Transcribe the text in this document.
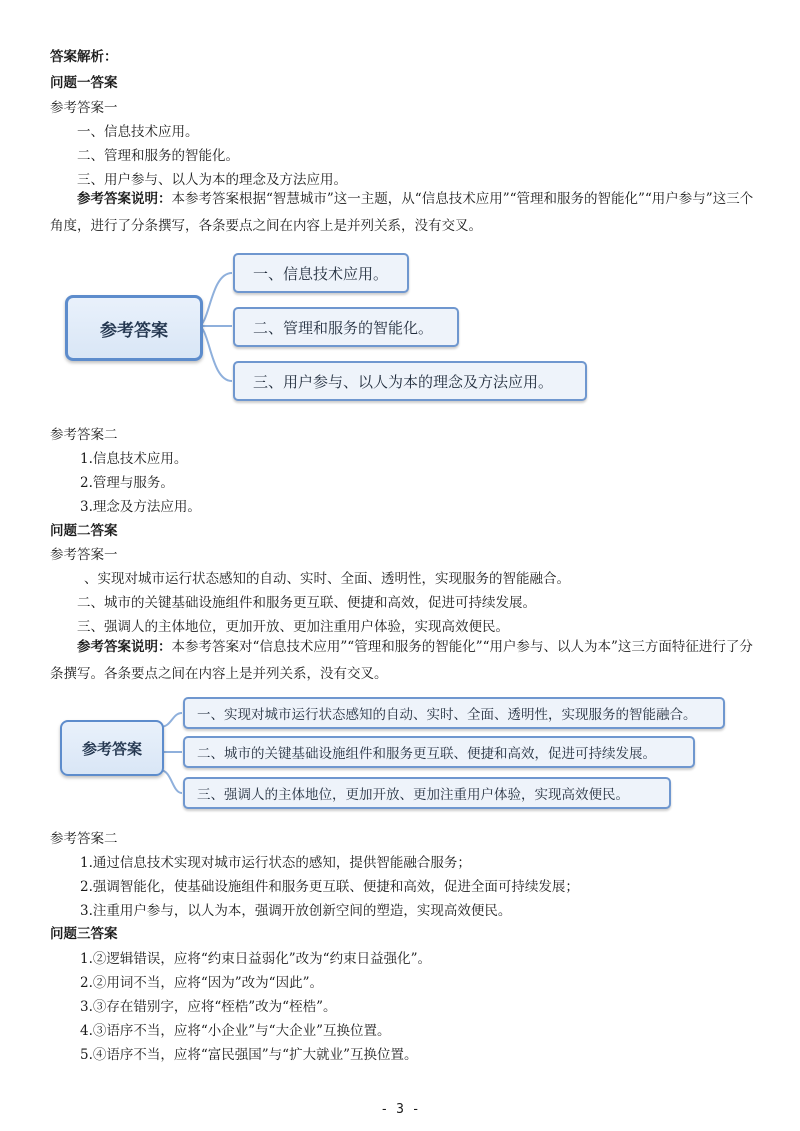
答案解析：
问题一答案
参考答案一
一、信息技术应用。
二、管理和服务的智能化。
三、用户参与、以人为本的理念及方法应用。
参考答案说明：本参考答案根据“智慧城市”这一主题，从“信息技术应用”“管理和服务的智能化”“用户参与”这三个角度，进行了分条撰写，各条要点之间在内容上是并列关系，没有交叉。
参考答案
一、信息技术应用。
二、管理和服务的智能化。
三、用户参与、以人为本的理念及方法应用。
参考答案二
1.信息技术应用。
2.管理与服务。
3.理念及方法应用。
问题二答案
参考答案一
、实现对城市运行状态感知的自动、实时、全面、透明性，实现服务的智能融合。
二、城市的关键基础设施组件和服务更互联、便捷和高效，促进可持续发展。
三、强调人的主体地位，更加开放、更加注重用户体验，实现高效便民。
参考答案说明：本参考答案对“信息技术应用”“管理和服务的智能化”“用户参与、以人为本”这三方面特征进行了分条撰写。各条要点之间在内容上是并列关系，没有交叉。
参考答案
一、实现对城市运行状态感知的自动、实时、全面、透明性，实现服务的智能融合。
二、城市的关键基础设施组件和服务更互联、便捷和高效，促进可持续发展。
三、强调人的主体地位，更加开放、更加注重用户体验，实现高效便民。
参考答案二
1.通过信息技术实现对城市运行状态的感知，提供智能融合服务；
2.强调智能化，使基础设施组件和服务更互联、便捷和高效，促进全面可持续发展；
3.注重用户参与，以人为本，强调开放创新空间的塑造，实现高效便民。
问题三答案
1.②逻辑错误，应将“约束日益弱化”改为“约束日益强化”。
2.②用词不当，应将“因为”改为“因此”。
3.③存在错别字，应将“桎梏”改为“桎梏”。
4.③语序不当，应将“小企业”与“大企业”互换位置。
5.④语序不当，应将“富民强国”与“扩大就业”互换位置。
- 3 -
